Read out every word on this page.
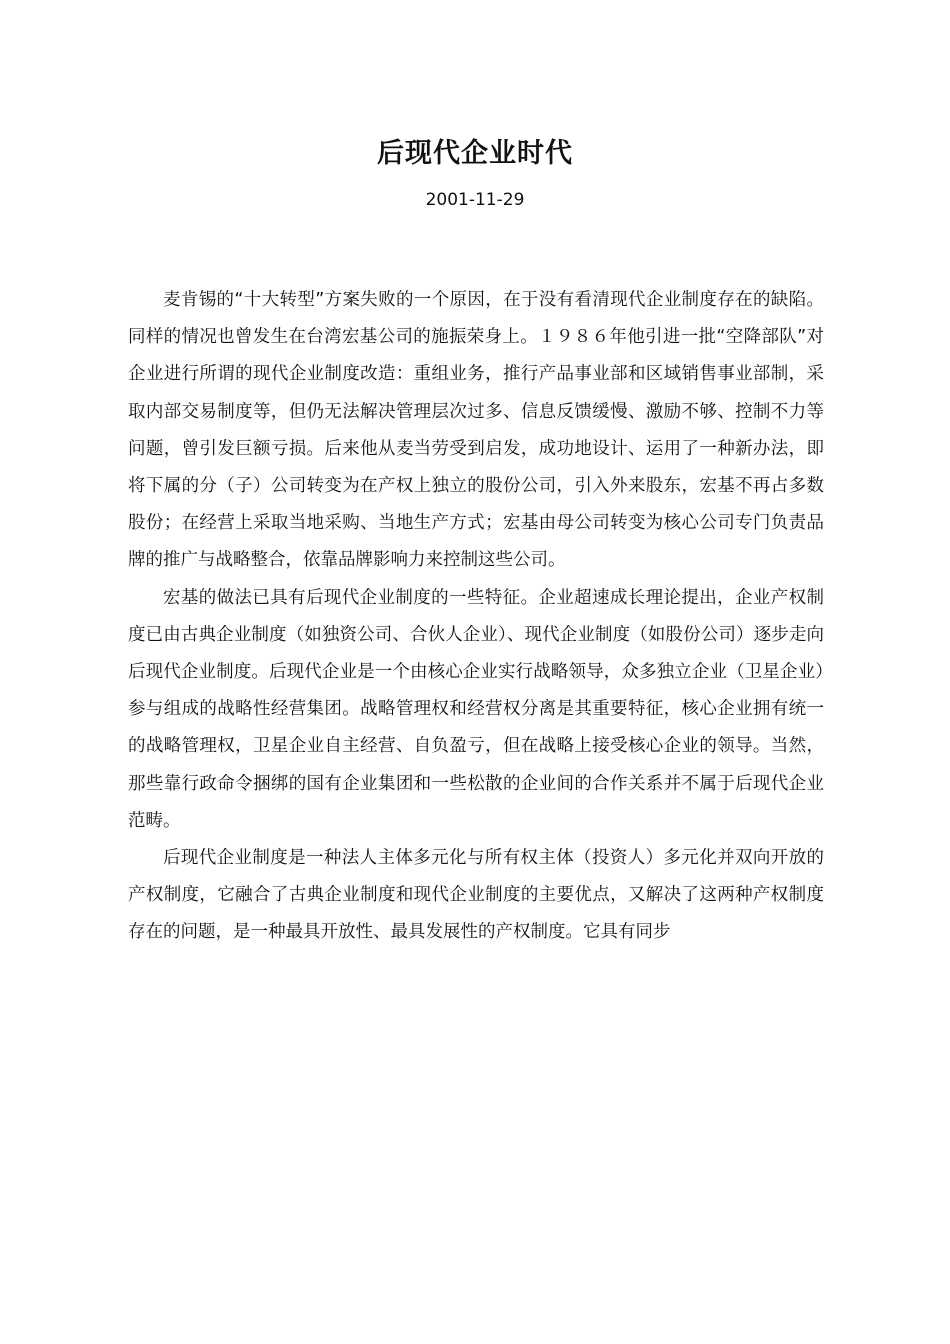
后现代企业时代
2001-11-29

麦肯锡的“十大转型”方案失败的一个原因，在于没有看清现代企业制度存在的缺陷。同样的情况也曾发生在台湾宏基公司的施振荣身上。１９８６年他引进一批“空降部队”对企业进行所谓的现代企业制度改造：重组业务，推行产品事业部和区域销售事业部制，采取内部交易制度等，但仍无法解决管理层次过多、信息反馈缓慢、激励不够、控制不力等问题，曾引发巨额亏损。后来他从麦当劳受到启发，成功地设计、运用了一种新办法，即将下属的分（子）公司转变为在产权上独立的股份公司，引入外来股东，宏基不再占多数股份；在经营上采取当地采购、当地生产方式；宏基由母公司转变为核心公司专门负责品牌的推广与战略整合，依靠品牌影响力来控制这些公司。

宏基的做法已具有后现代企业制度的一些特征。企业超速成长理论提出，企业产权制度已由古典企业制度（如独资公司、合伙人企业）、现代企业制度（如股份公司）逐步走向后现代企业制度。后现代企业是一个由核心企业实行战略领导，众多独立企业（卫星企业）参与组成的战略性经营集团。战略管理权和经营权分离是其重要特征，核心企业拥有统一的战略管理权，卫星企业自主经营、自负盈亏，但在战略上接受核心企业的领导。当然，那些靠行政命令捆绑的国有企业集团和一些松散的企业间的合作关系并不属于后现代企业范畴。

后现代企业制度是一种法人主体多元化与所有权主体（投资人）多元化并双向开放的产权制度，它融合了古典企业制度和现代企业制度的主要优点，又解决了这两种产权制度存在的问题，是一种最具开放性、最具发展性的产权制度。它具有同步
